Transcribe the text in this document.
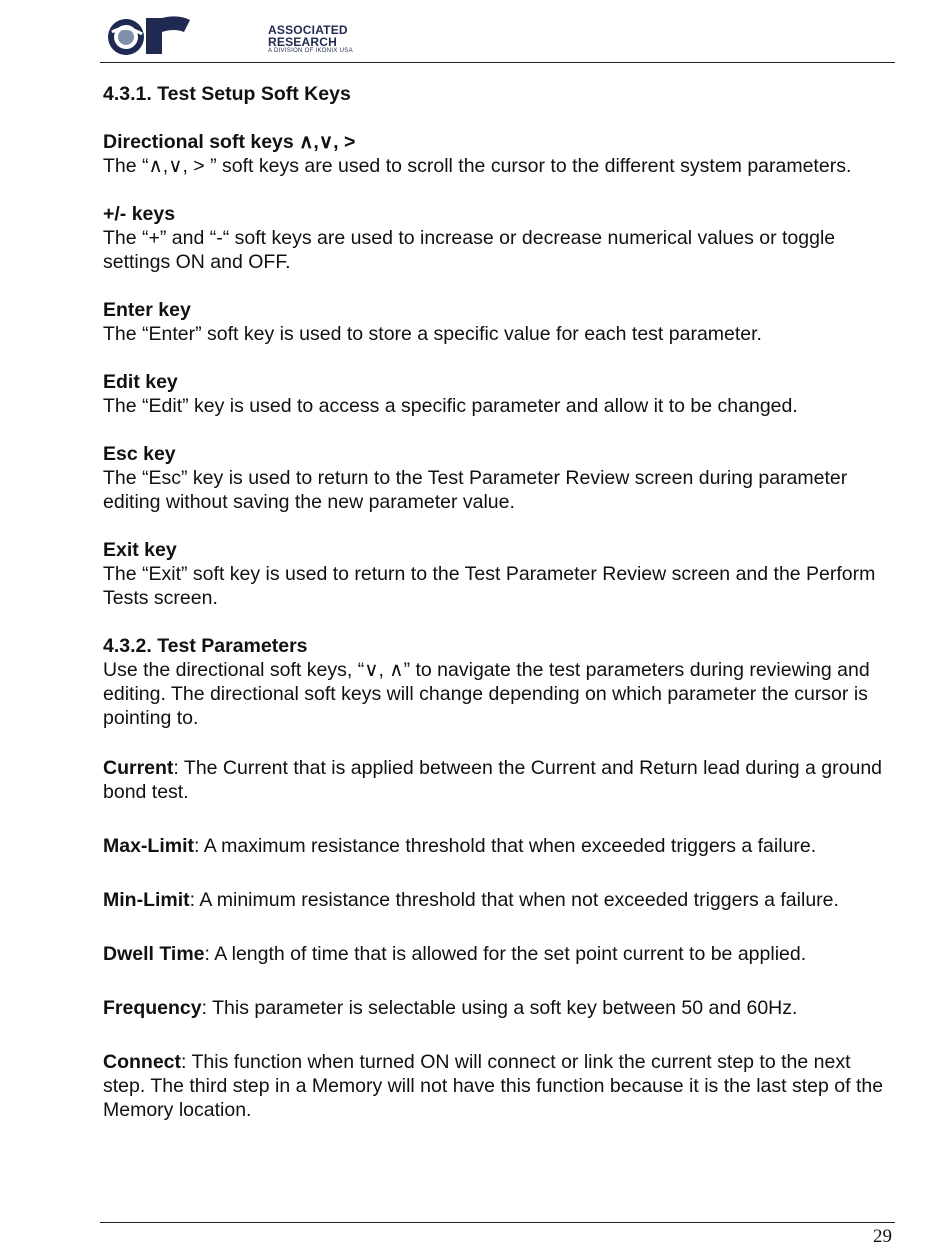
ASSOCIATED
RESEARCH
A DIVISION OF IKONIX USA

4.3.1. Test Setup Soft Keys

Directional soft keys ∧,∨, >

The “∧,∨, > ” soft keys are used to scroll the cursor to the different system parameters.

+/- keys

The “+” and “-“ soft keys are used to increase or decrease numerical values or toggle settings ON and OFF.

Enter key

The “Enter” soft key is used to store a specific value for each test parameter.

Edit key

The “Edit” key is used to access a specific parameter and allow it to be changed.

Esc key

The “Esc” key is used to return to the Test Parameter Review screen during parameter editing without saving the new parameter value.

Exit key

The “Exit” soft key is used to return to the Test Parameter Review screen and the Perform Tests screen.

4.3.2. Test Parameters

Use the directional soft keys, “∨, ∧” to navigate the test parameters during reviewing and editing. The directional soft keys will change depending on which parameter the cursor is pointing to.

Current: The Current that is applied between the Current and Return lead during a ground bond test.

Max-Limit: A maximum resistance threshold that when exceeded triggers a failure.

Min-Limit: A minimum resistance threshold that when not exceeded triggers a failure.

Dwell Time: A length of time that is allowed for the set point current to be applied.

Frequency: This parameter is selectable using a soft key between 50 and 60Hz.

Connect: This function when turned ON will connect or link the current step to the next step. The third step in a Memory will not have this function because it is the last step of the Memory location.

29
